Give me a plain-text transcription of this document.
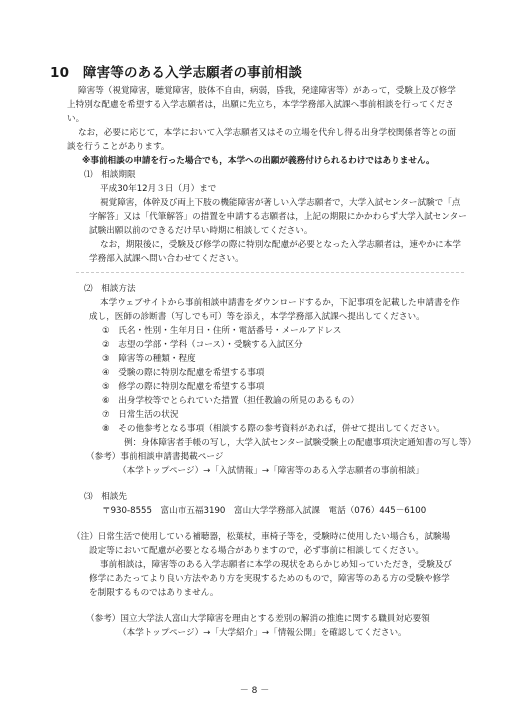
10　障害等のある入学志願者の事前相談
障害等（視覚障害，聴覚障害，肢体不自由，病弱，昏我，発達障害等）があって，受験上及び修学
上特別な配慮を希望する入学志願者は，出願に先立ち，本学学務部入試課へ事前相談を行ってくださ
い。
なお，必要に応じて，本学において入学志願者又はその立場を代弁し得る出身学校関係者等との面
談を行うことがあります。
※事前相談の申請を行った場合でも，本学への出願が義務付けられるわけではありません。
⑴　相談期限
平成30年12月３日（月）まで
視覚障害，体幹及び両上下肢の機能障害が著しい入学志願者で，大学入試センター試験で「点
字解答」又は「代筆解答」の措置を申請する志願者は，上記の期限にかかわらず大学入試センター
試験出願以前のできるだけ早い時期に相談してください。
なお，期限後に，受験及び修学の際に特別な配慮が必要となった入学志願者は，速やかに本学
学務部入試課へ問い合わせてください。
⑵　相談方法
本学ウェブサイトから事前相談申請書をダウンロードするか，下記事項を記載した申請書を作
成し，医師の診断書（写しでも可）等を添え，本学学務部入試課へ提出してください。
①　氏名・性別・生年月日・住所・電話番号・メールアドレス
②　志望の学部・学科（コース）・受験する入試区分
③　障害等の種類・程度
④　受験の際に特別な配慮を希望する事項
⑤　修学の際に特別な配慮を希望する事項
⑥　出身学校等でとられていた措置（担任教諭の所見のあるもの）
⑦　日常生活の状況
⑧　その他参考となる事項（相談する際の参考資料があれば，併せて提出してください。
例：身体障害者手帳の写し，大学入試センター試験受験上の配慮事項決定通知書の写し等）
（参考）事前相談申請書掲載ページ
（本学トップページ）→「入試情報」→「障害等のある入学志願者の事前相談」
⑶　相談先
〒930-8555　富山市五福3190　富山大学学務部入試課　電話（076）445－6100
（注）日常生活で使用している補聴器，松葉杖，車椅子等を，受験時に使用したい場合も，試験場
設定等において配慮が必要となる場合がありますので，必ず事前に相談してください。
事前相談は，障害等のある入学志願者に本学の現状をあらかじめ知っていただき，受験及び
修学にあたってより良い方法やあり方を実現するためのもので，障害等のある方の受験や修学
を制限するものではありません。
（参考）国立大学法人富山大学障害を理由とする差別の解消の推進に関する職員対応要領
（本学トップページ）→「大学紹介」→「情報公開」を確認してください。
－ 8 －
